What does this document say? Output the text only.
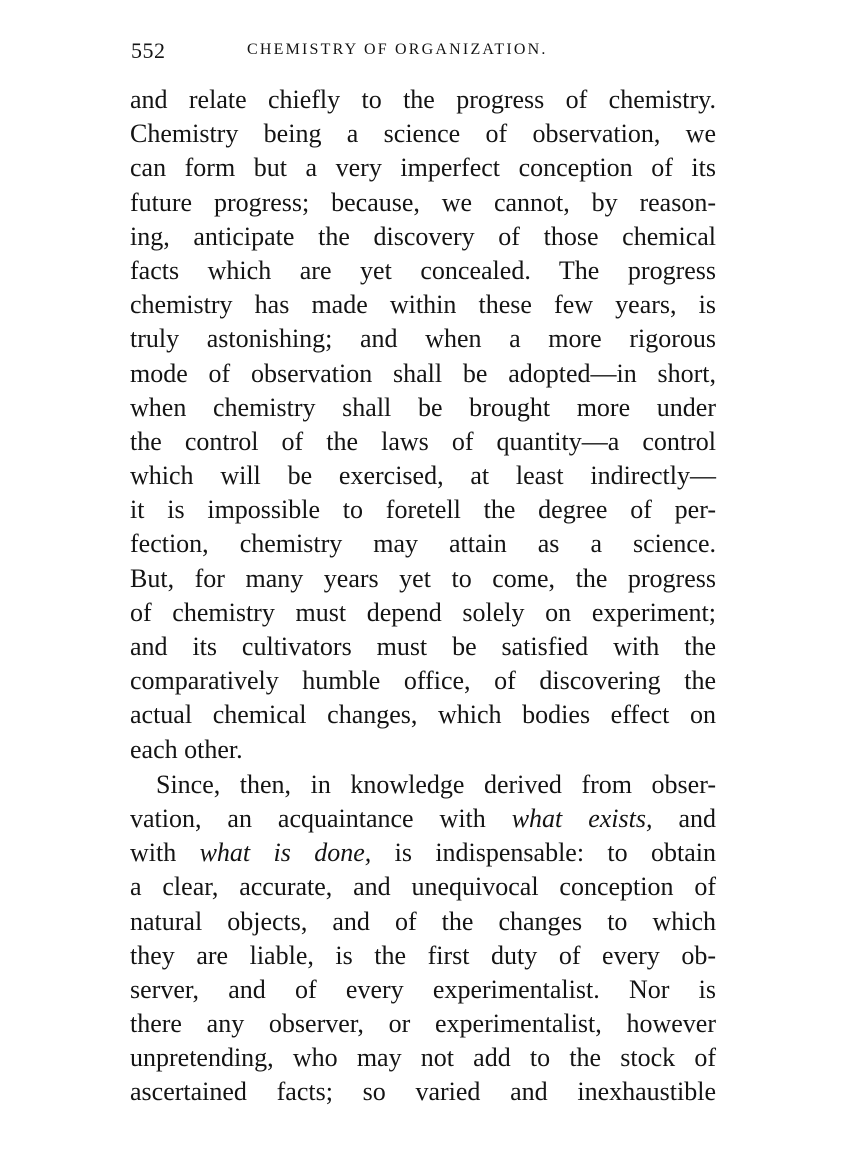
552	CHEMISTRY OF ORGANIZATION.
and relate chiefly to the progress of chemistry.
Chemistry being a science of observation, we
can form but a very imperfect conception of its
future progress; because, we cannot, by reason-
ing, anticipate the discovery of those chemical
facts which are yet concealed. The progress
chemistry has made within these few years, is
truly astonishing; and when a more rigorous
mode of observation shall be adopted—in short,
when chemistry shall be brought more under
the control of the laws of quantity—a control
which will be exercised, at least indirectly—
it is impossible to foretell the degree of per-
fection, chemistry may attain as a science.
But, for many years yet to come, the progress
of chemistry must depend solely on experiment;
and its cultivators must be satisfied with the
comparatively humble office, of discovering the
actual chemical changes, which bodies effect on
each other.
Since, then, in knowledge derived from obser-
vation, an acquaintance with what exists, and
with what is done, is indispensable: to obtain
a clear, accurate, and unequivocal conception of
natural objects, and of the changes to which
they are liable, is the first duty of every ob-
server, and of every experimentalist. Nor is
there any observer, or experimentalist, however
unpretending, who may not add to the stock of
ascertained facts; so varied and inexhaustible
